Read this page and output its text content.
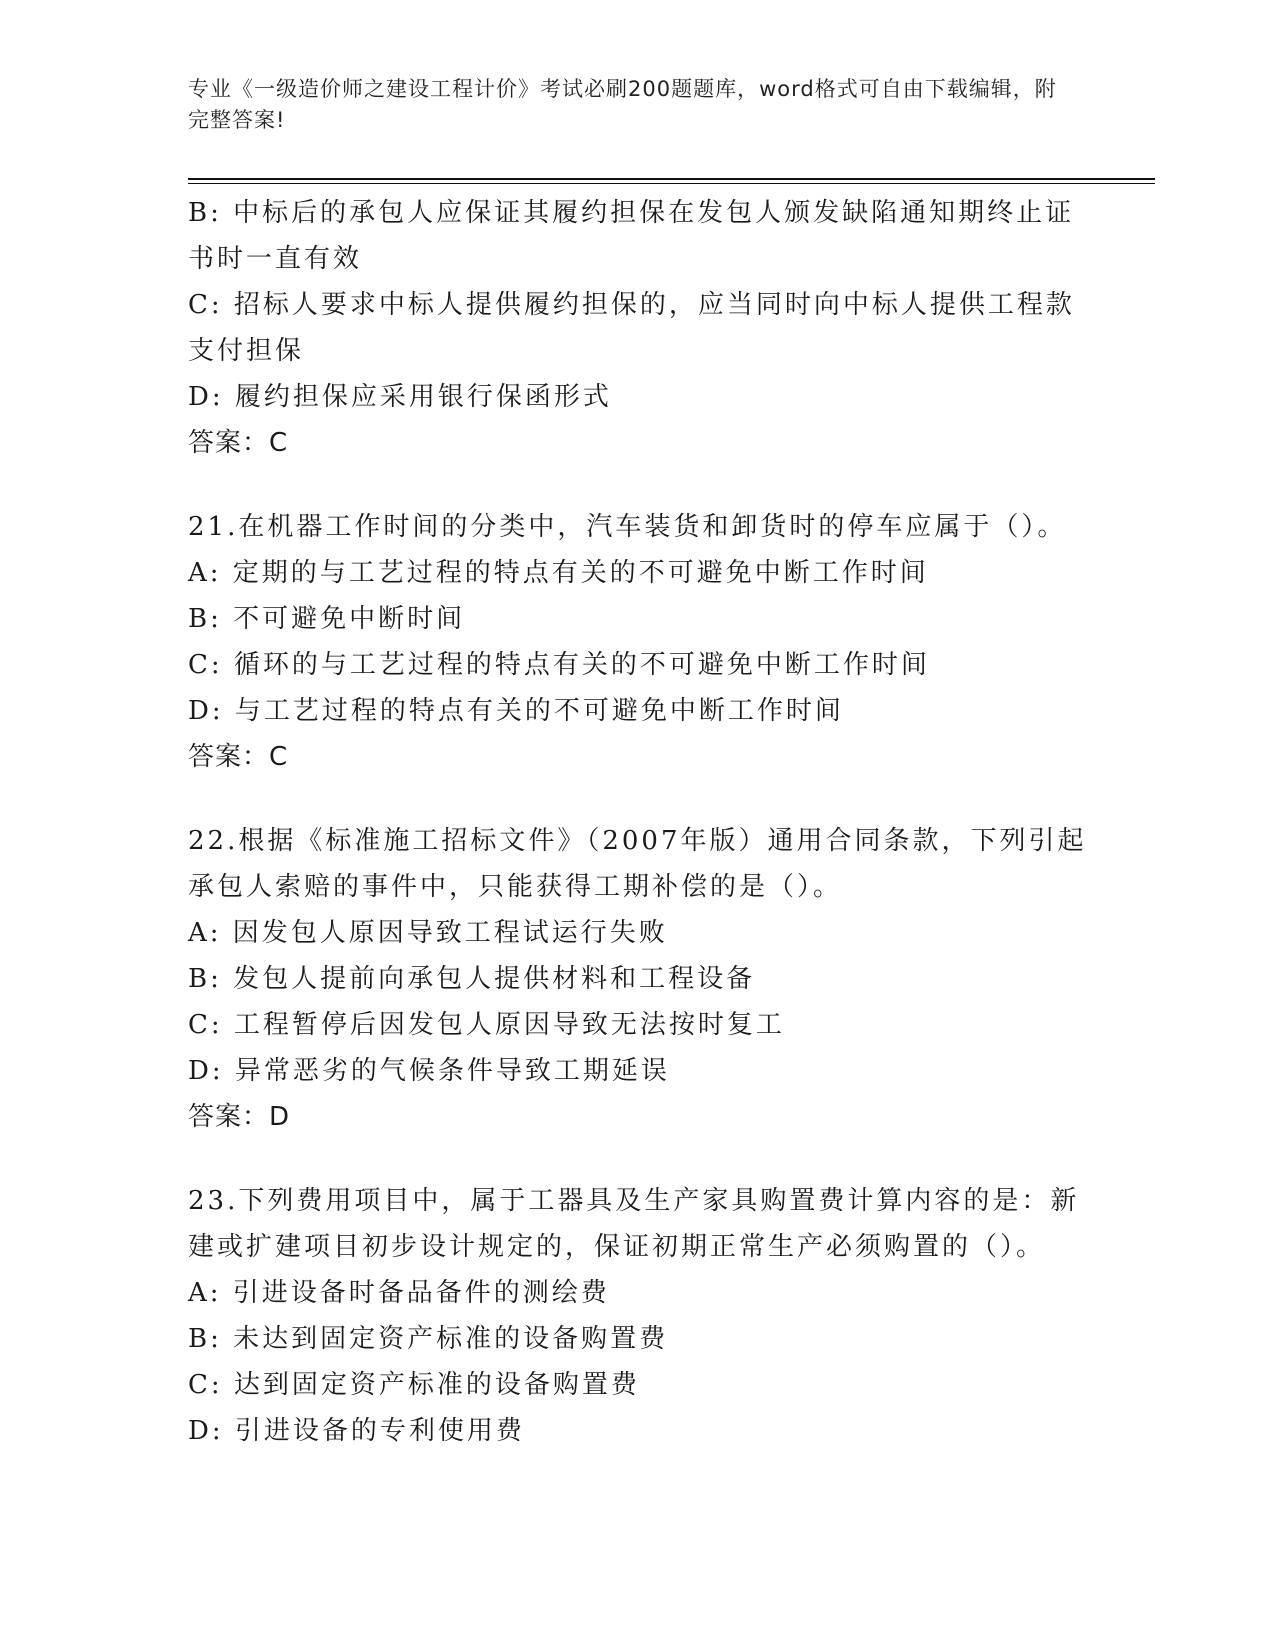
专业《一级造价师之建设工程计价》考试必刷200题题库，word格式可自由下载编辑，附完整答案!

B: 中标后的承包人应保证其履约担保在发包人颁发缺陷通知期终止证书时一直有效

C: 招标人要求中标人提供履约担保的，应当同时向中标人提供工程款支付担保

D: 履约担保应采用银行保函形式

答案：C

21.在机器工作时间的分类中，汽车装货和卸货时的停车应属于（）。

A: 定期的与工艺过程的特点有关的不可避免中断工作时间

B: 不可避免中断时间

C: 循环的与工艺过程的特点有关的不可避免中断工作时间

D: 与工艺过程的特点有关的不可避免中断工作时间

答案：C

22.根据《标准施工招标文件》（2007年版）通用合同条款，下列引起承包人索赔的事件中，只能获得工期补偿的是（）。

A: 因发包人原因导致工程试运行失败

B: 发包人提前向承包人提供材料和工程设备

C: 工程暂停后因发包人原因导致无法按时复工

D: 异常恶劣的气候条件导致工期延误

答案：D

23.下列费用项目中，属于工器具及生产家具购置费计算内容的是：新建或扩建项目初步设计规定的，保证初期正常生产必须购置的（）。

A: 引进设备时备品备件的测绘费

B: 未达到固定资产标准的设备购置费

C: 达到固定资产标准的设备购置费

D: 引进设备的专利使用费
